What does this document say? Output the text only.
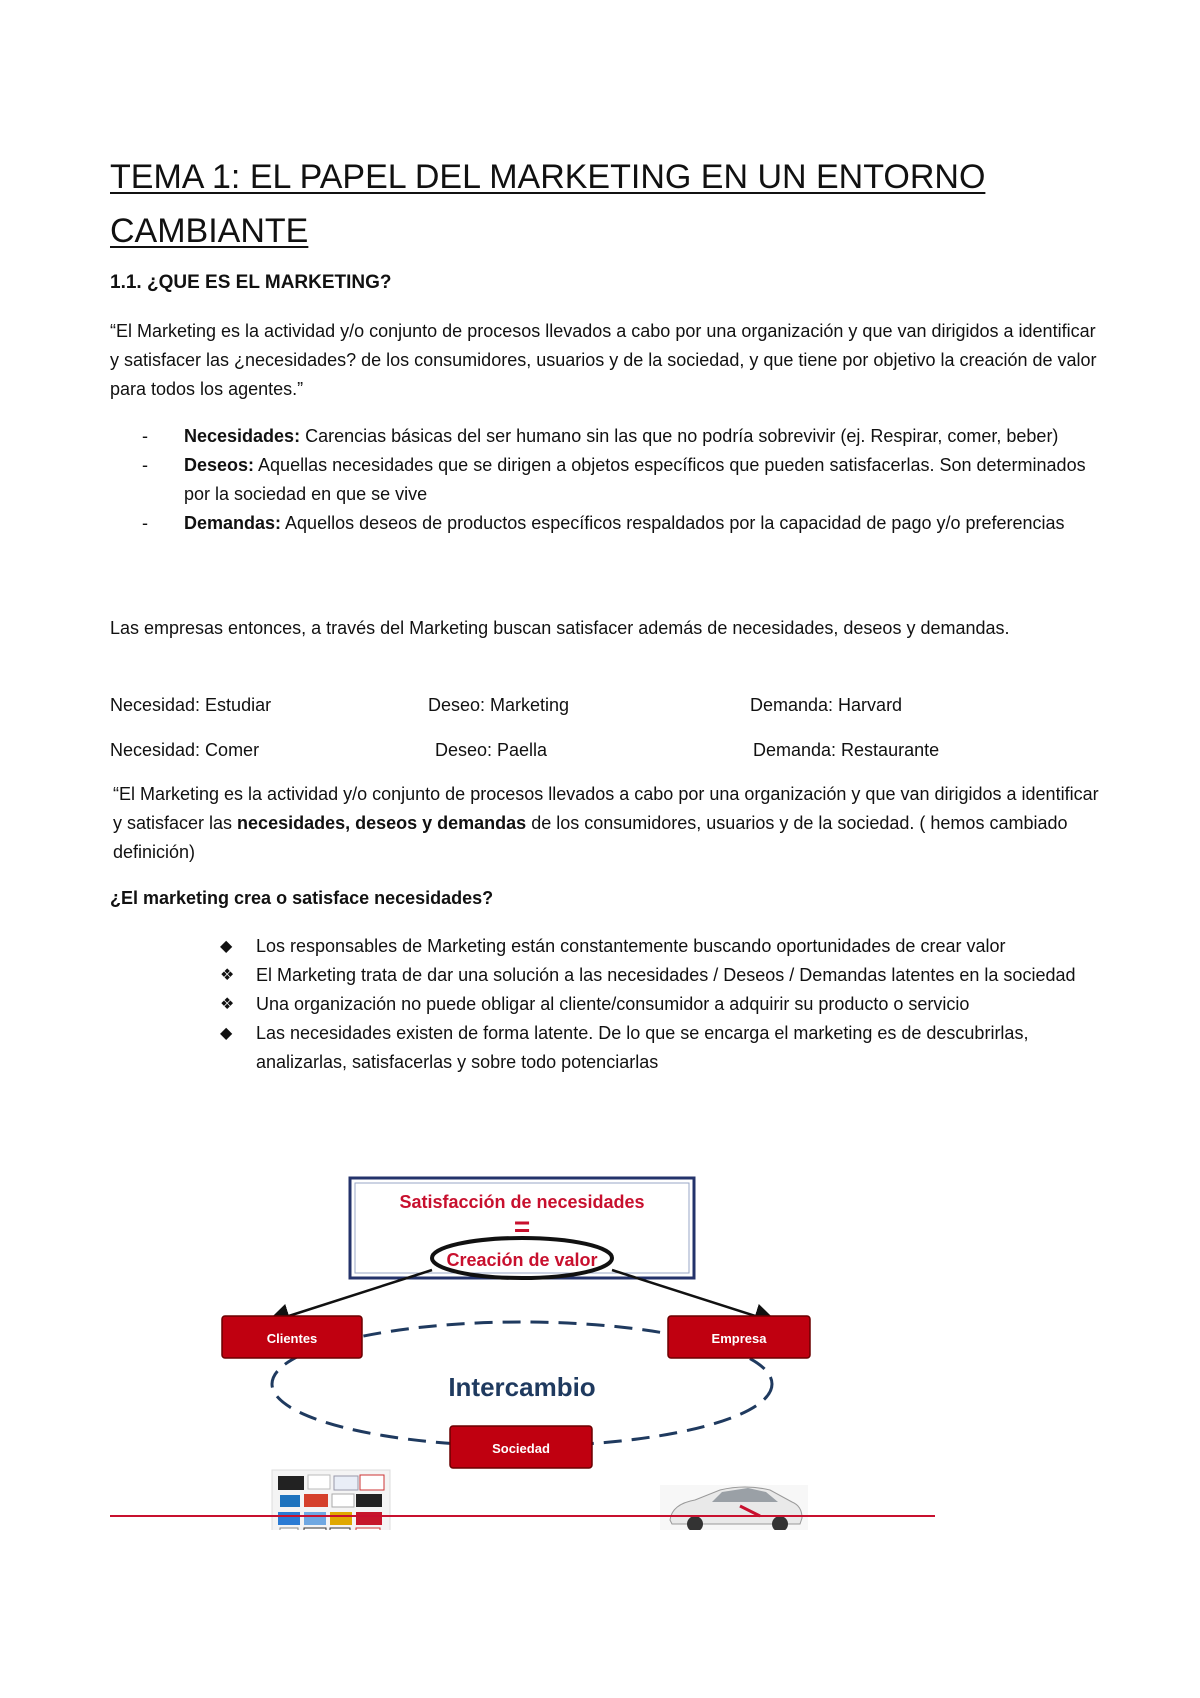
TEMA 1: EL PAPEL DEL MARKETING EN UN ENTORNO CAMBIANTE
1.1. ¿QUE ES EL MARKETING?
“El Marketing es la actividad y/o conjunto de procesos llevados a cabo por una organización y que van dirigidos a identificar y satisfacer las ¿necesidades? de los consumidores, usuarios y de la sociedad, y que tiene por objetivo la creación de valor para todos los agentes.”
- Necesidades: Carencias básicas del ser humano sin las que no podría sobrevivir (ej. Respirar, comer, beber)
- Deseos: Aquellas necesidades que se dirigen a objetos específicos que pueden satisfacerlas. Son determinados por la sociedad en que se vive
- Demandas: Aquellos deseos de productos específicos respaldados por la capacidad de pago y/o preferencias
Las empresas entonces, a través del Marketing buscan satisfacer además de necesidades, deseos y demandas.
Necesidad: Estudiar	Deseo: Marketing	Demanda: Harvard
Necesidad: Comer	Deseo: Paella	Demanda: Restaurante
“El Marketing es la actividad y/o conjunto de procesos llevados a cabo por una organización y que van dirigidos a identificar y satisfacer las necesidades, deseos y demandas de los consumidores, usuarios y de la sociedad. ( hemos cambiado definición)
¿El marketing crea o satisface necesidades?
◆ Los responsables de Marketing están constantemente buscando oportunidades de crear valor
❖ El Marketing trata de dar una solución a las necesidades / Deseos / Demandas latentes en la sociedad
❖ Una organización no puede obligar al cliente/consumidor a adquirir su producto o servicio
◆ Las necesidades existen de forma latente. De lo que se encarga el marketing es de descubrirlas, analizarlas, satisfacerlas y sobre todo potenciarlas
Satisfacción de necesidades
=
Creación de valor
Clientes	Empresa
Intercambio
Sociedad
